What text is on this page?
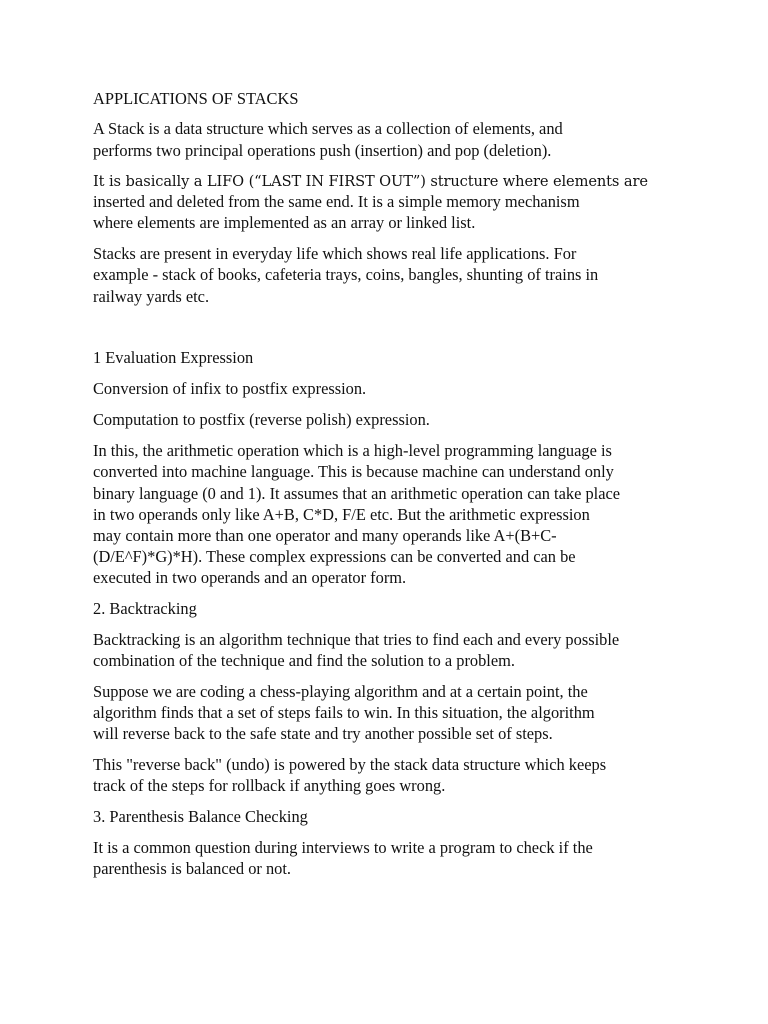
APPLICATIONS OF STACKS

A Stack is a data structure which serves as a collection of elements, and

performs two principal operations push (insertion) and pop (deletion).

It is basically a LIFO (“LAST IN FIRST OUT”) structure where elements are

inserted and deleted from the same end. It is a simple memory mechanism

where elements are implemented as an array or linked list.

Stacks are present in everyday life which shows real life applications. For

example - stack of books, cafeteria trays, coins, bangles, shunting of trains in

railway yards etc.

1 Evaluation Expression

Conversion of infix to postfix expression.

Computation to postfix (reverse polish) expression.

In this, the arithmetic operation which is a high-level programming language is

converted into machine language. This is because machine can understand only

binary language (0 and 1). It assumes that an arithmetic operation can take place

in two operands only like A+B, C*D, F/E etc. But the arithmetic expression

may contain more than one operator and many operands like A+(B+C-

(D/E^F)*G)*H). These complex expressions can be converted and can be

executed in two operands and an operator form.

2. Backtracking

Backtracking is an algorithm technique that tries to find each and every possible

combination of the technique and find the solution to a problem.

Suppose we are coding a chess-playing algorithm and at a certain point, the

algorithm finds that a set of steps fails to win. In this situation, the algorithm

will reverse back to the safe state and try another possible set of steps.

This "reverse back" (undo) is powered by the stack data structure which keeps

track of the steps for rollback if anything goes wrong.

3. Parenthesis Balance Checking

It is a common question during interviews to write a program to check if the

parenthesis is balanced or not.
